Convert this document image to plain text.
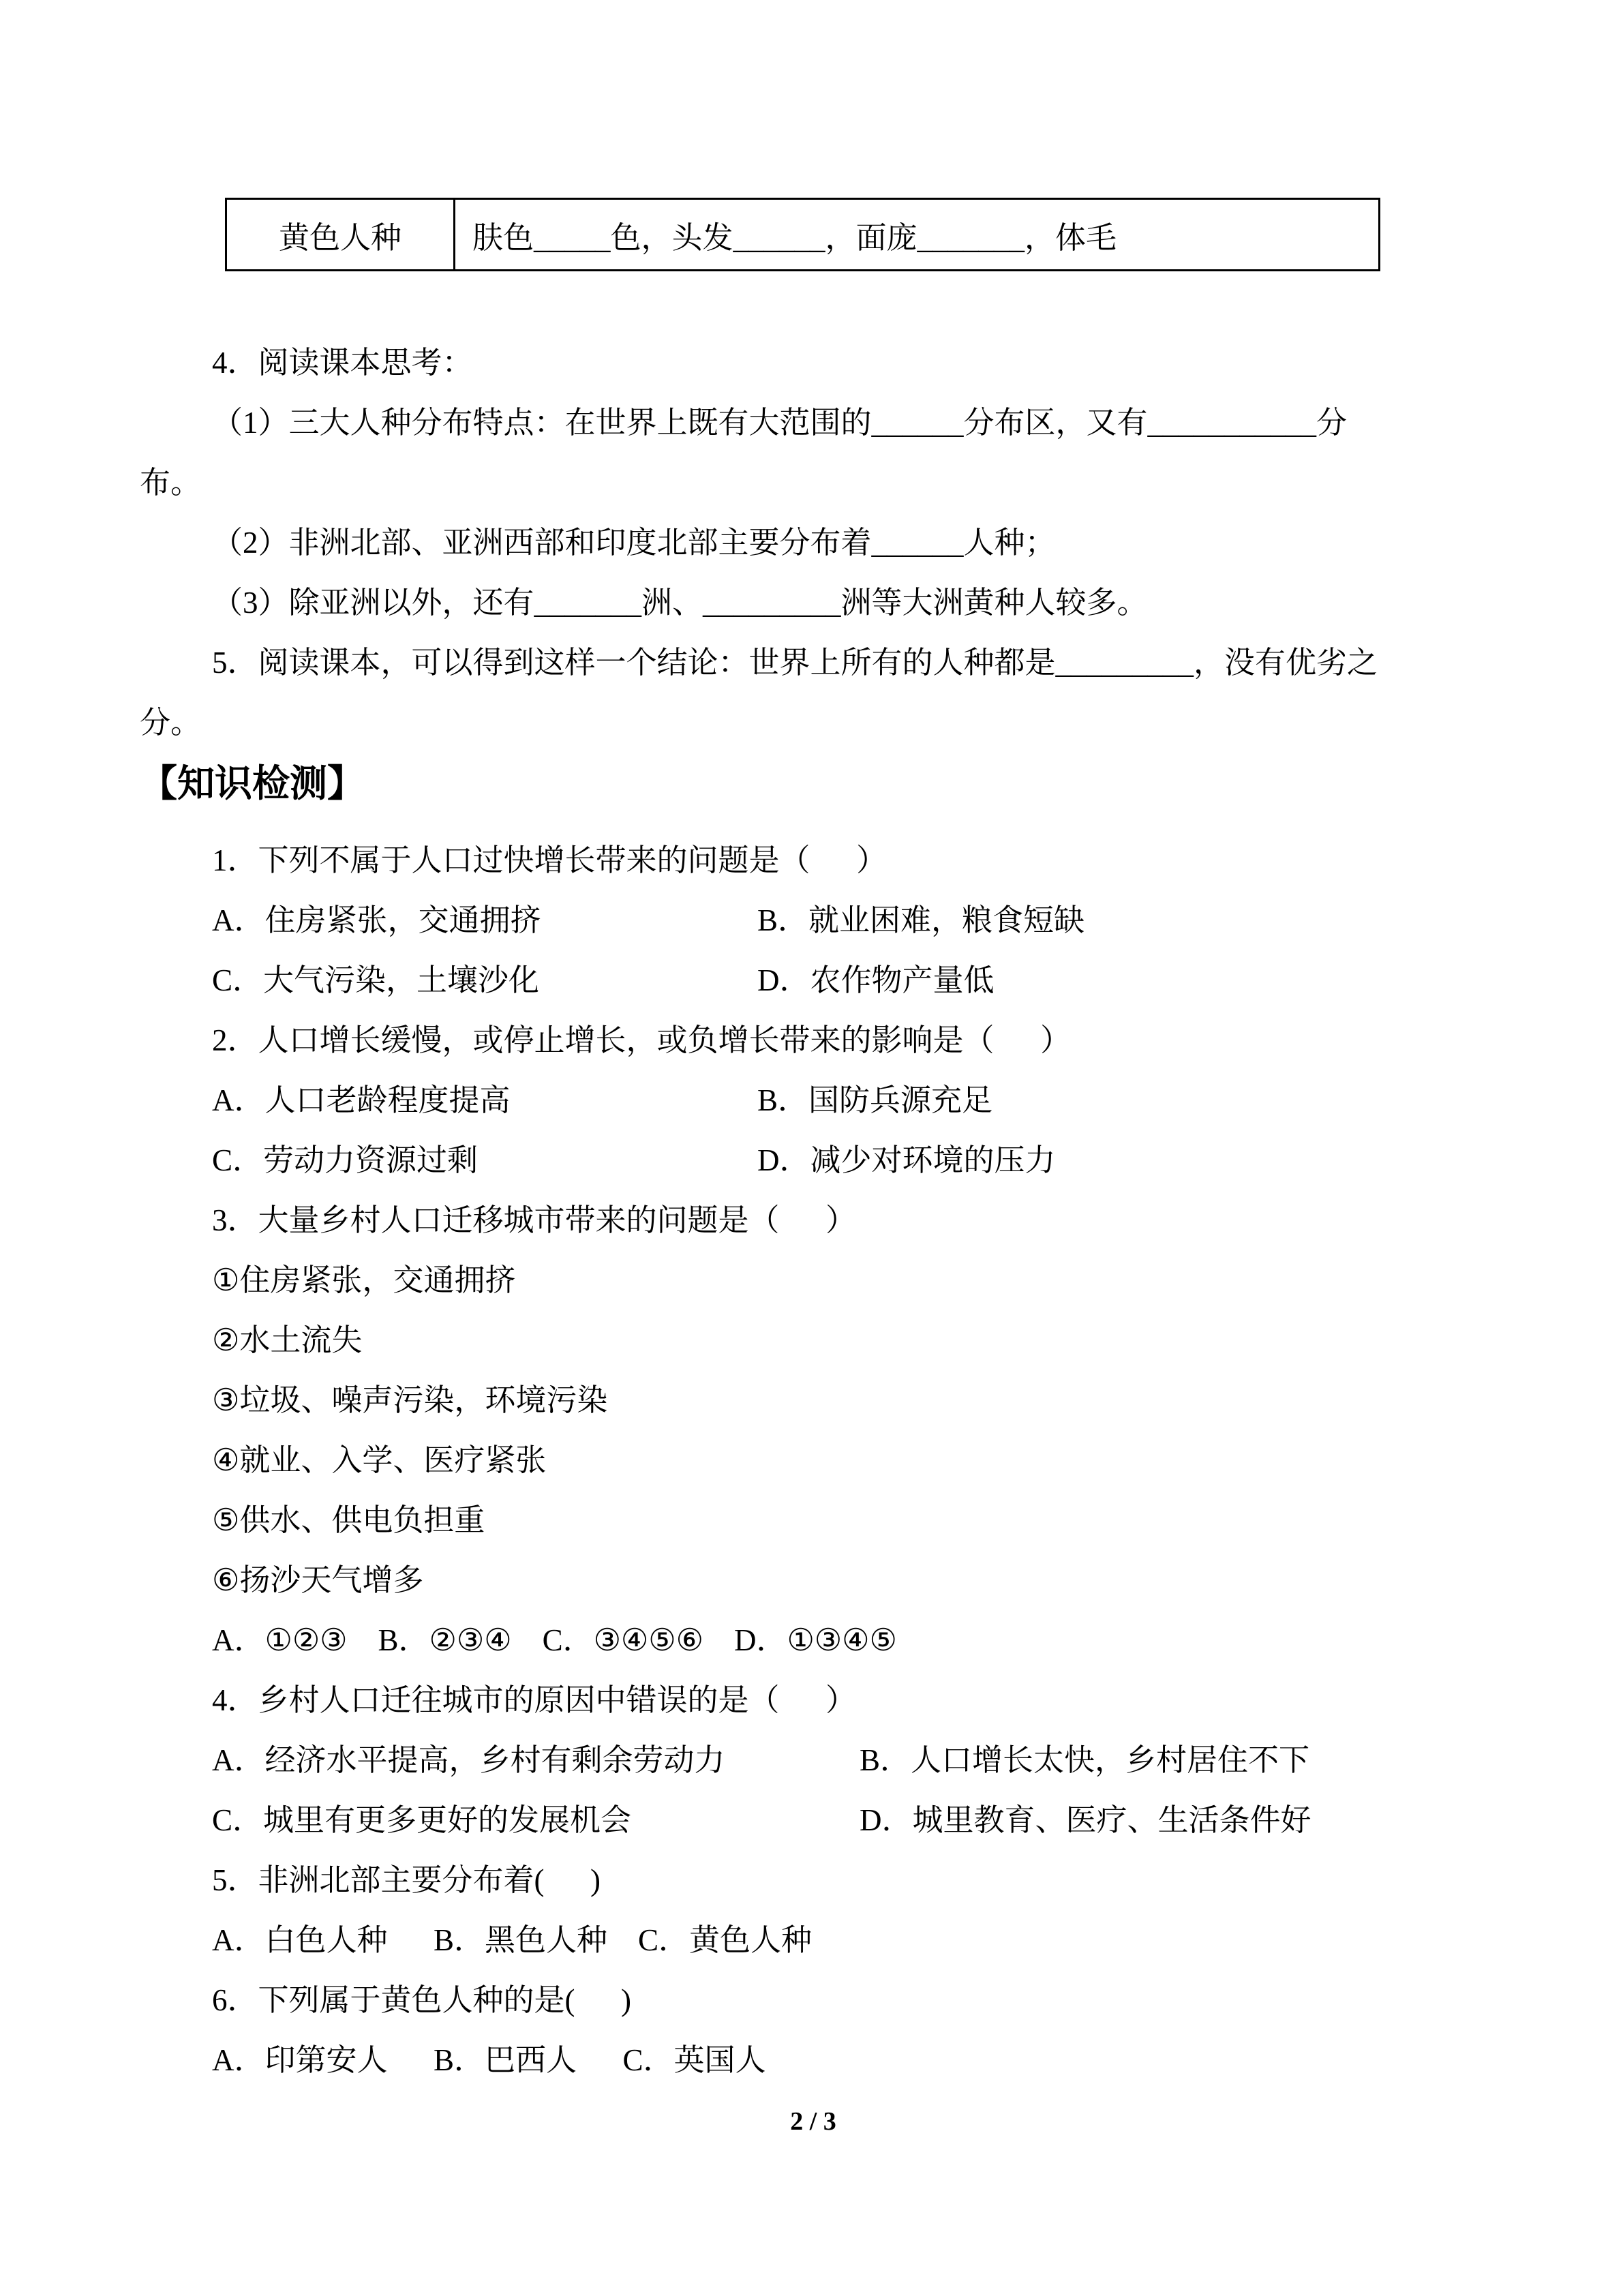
黄色人种	肤色_____色，头发______，面庞_______，体毛
4．阅读课本思考：
（1）三大人种分布特点：在世界上既有大范围的______分布区，又有___________分
布。
（2）非洲北部、亚洲西部和印度北部主要分布着______人种；
（3）除亚洲以外，还有_______洲、_________洲等大洲黄种人较多。
5．阅读课本，可以得到这样一个结论：世界上所有的人种都是_________，没有优劣之
分。
【知识检测】
1．下列不属于人口过快增长带来的问题是（      ）
A．住房紧张，交通拥挤	B．就业困难，粮食短缺
C．大气污染，土壤沙化	D．农作物产量低
2．人口增长缓慢，或停止增长，或负增长带来的影响是（      ）
A．人口老龄程度提高	B．国防兵源充足
C．劳动力资源过剩	D．减少对环境的压力
3．大量乡村人口迁移城市带来的问题是（      ）
①住房紧张，交通拥挤
②水土流失
③垃圾、噪声污染，环境污染
④就业、入学、医疗紧张
⑤供水、供电负担重
⑥扬沙天气增多
A．①②③    B．②③④    C．③④⑤⑥    D．①③④⑤
4．乡村人口迁往城市的原因中错误的是（      ）
A．经济水平提高，乡村有剩余劳动力	B．人口增长太快，乡村居住不下
C．城里有更多更好的发展机会	D．城里教育、医疗、生活条件好
5．非洲北部主要分布着(      )
A．白色人种      B．黑色人种    C．黄色人种
6．下列属于黄色人种的是(      )
A．印第安人      B．巴西人      C．英国人
2 / 3
